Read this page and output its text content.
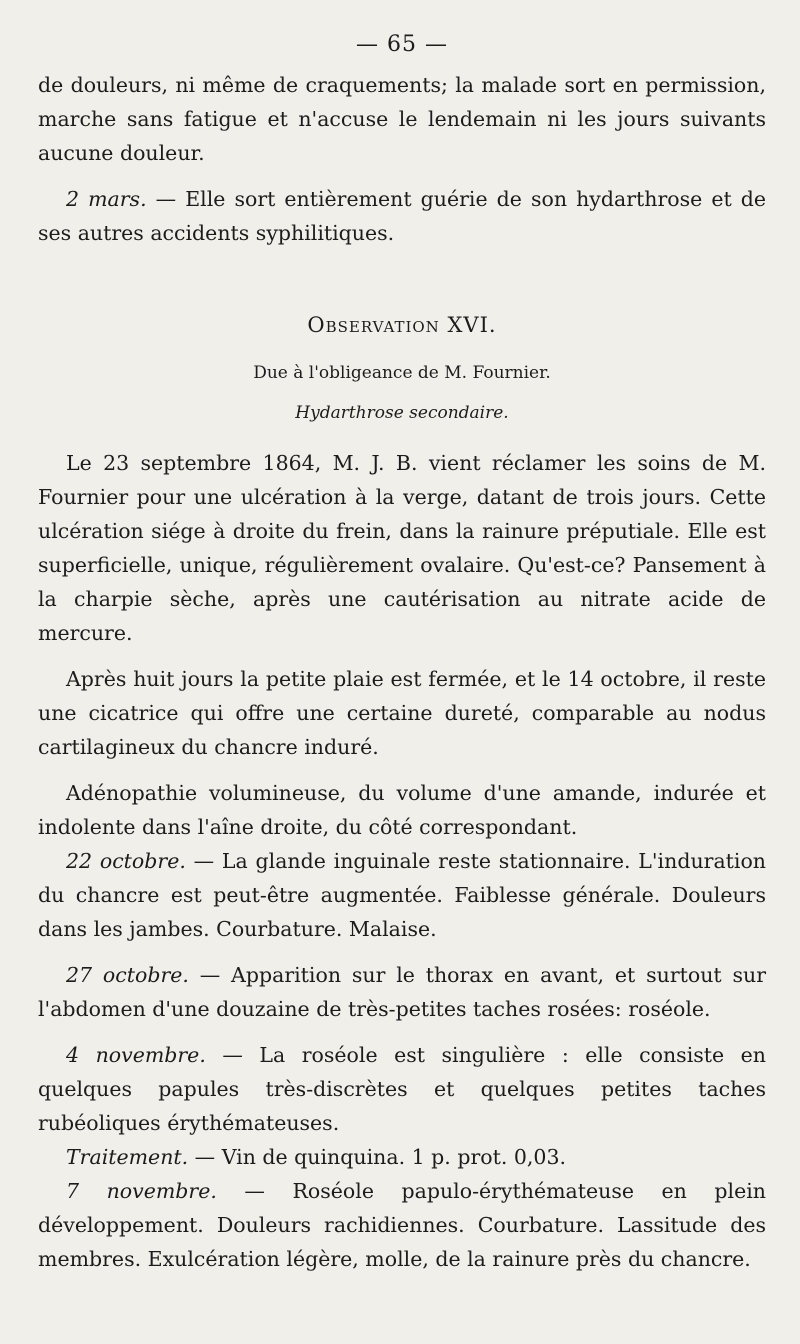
— 65 —

de douleurs, ni même de craquements; la malade sort en permission, marche sans fatigue et n'accuse le lendemain ni les jours suivants aucune douleur.

2 mars. — Elle sort entièrement guérie de son hydarthrose et de ses autres accidents syphilitiques.

Observation XVI.
Due à l'obligeance de M. Fournier.
Hydarthrose secondaire.

Le 23 septembre 1864, M. J. B. vient réclamer les soins de M. Fournier pour une ulcération à la verge, datant de trois jours. Cette ulcération siége à droite du frein, dans la rainure préputiale. Elle est superficielle, unique, régulièrement ovalaire. Qu'est-ce? Pansement à la charpie sèche, après une cautérisation au nitrate acide de mercure.

Après huit jours la petite plaie est fermée, et le 14 octobre, il reste une cicatrice qui offre une certaine dureté, comparable au nodus cartilagineux du chancre induré.

Adénopathie volumineuse, du volume d'une amande, indurée et indolente dans l'aîne droite, du côté correspondant.

22 octobre. — La glande inguinale reste stationnaire. L'induration du chancre est peut-être augmentée. Faiblesse générale. Douleurs dans les jambes. Courbature. Malaise.

27 octobre. — Apparition sur le thorax en avant, et surtout sur l'abdomen d'une douzaine de très-petites taches rosées: roséole.

4 novembre. — La roséole est singulière : elle consiste en quelques papules très-discrètes et quelques petites taches rubéoliques érythémateuses.

Traitement. — Vin de quinquina. 1 p. prot. 0,03.

7 novembre. — Roséole papulo-érythémateuse en plein développement. Douleurs rachidiennes. Courbature. Lassitude des membres. Exulcération légère, molle, de la rainure près du chancre.
